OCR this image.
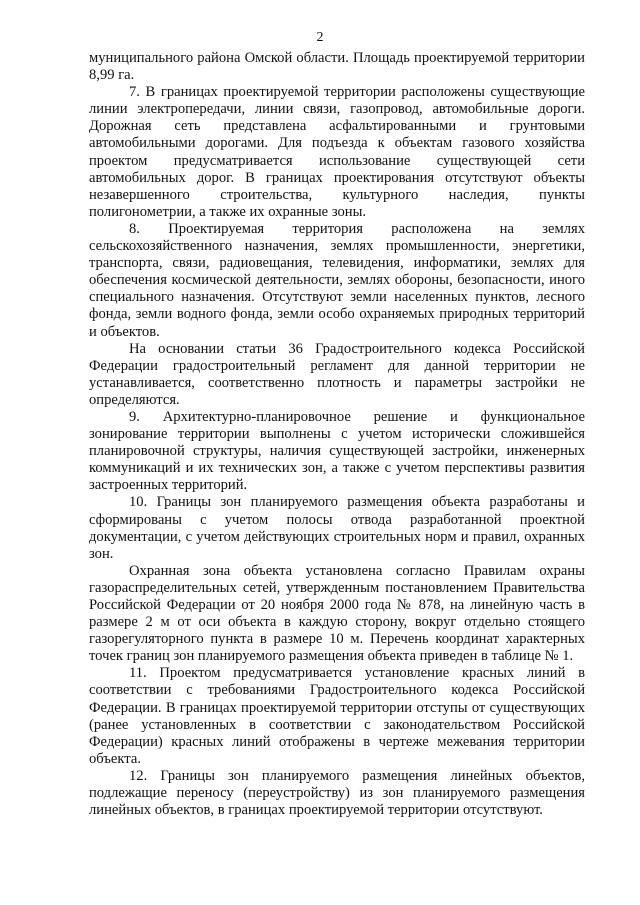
2

муниципального района Омской области. Площадь проектируемой территории 8,99 га.

7. В границах проектируемой территории расположены существующие линии электропередачи, линии связи, газопровод, автомобильные дороги. Дорожная сеть представлена асфальтированными и грунтовыми автомобильными дорогами. Для подъезда к объектам газового хозяйства проектом предусматривается использование существующей сети автомобильных дорог. В границах проектирования отсутствуют объекты незавершенного строительства, культурного наследия, пункты полигонометрии, а также их охранные зоны.

8. Проектируемая территория расположена на землях сельскохозяйственного назначения, землях промышленности, энергетики, транспорта, связи, радиовещания, телевидения, информатики, землях для обеспечения космической деятельности, землях обороны, безопасности, иного специального назначения. Отсутствуют земли населенных пунктов, лесного фонда, земли водного фонда, земли особо охраняемых природных территорий и объектов.

На основании статьи 36 Градостроительного кодекса Российской Федерации градостроительный регламент для данной территории не устанавливается, соответственно плотность и параметры застройки не определяются.

9. Архитектурно-планировочное решение и функциональное зонирование территории выполнены с учетом исторически сложившейся планировочной структуры, наличия существующей застройки, инженерных коммуникаций и их технических зон, а также с учетом перспективы развития застроенных территорий.

10. Границы зон планируемого размещения объекта разработаны и сформированы с учетом полосы отвода разработанной проектной документации, с учетом действующих строительных норм и правил, охранных зон.

Охранная зона объекта установлена согласно Правилам охраны газораспределительных сетей, утвержденным постановлением Правительства Российской Федерации от 20 ноября 2000 года № 878, на линейную часть в размере 2 м от оси объекта в каждую сторону, вокруг отдельно стоящего газорегуляторного пункта в размере 10 м. Перечень координат характерных точек границ зон планируемого размещения объекта приведен в таблице № 1.

11. Проектом предусматривается установление красных линий в соответствии с требованиями Градостроительного кодекса Российской Федерации. В границах проектируемой территории отступы от существующих (ранее установленных в соответствии с законодательством Российской Федерации) красных линий отображены в чертеже межевания территории объекта.

12. Границы зон планируемого размещения линейных объектов, подлежащие переносу (переустройству) из зон планируемого размещения линейных объектов, в границах проектируемой территории отсутствуют.
